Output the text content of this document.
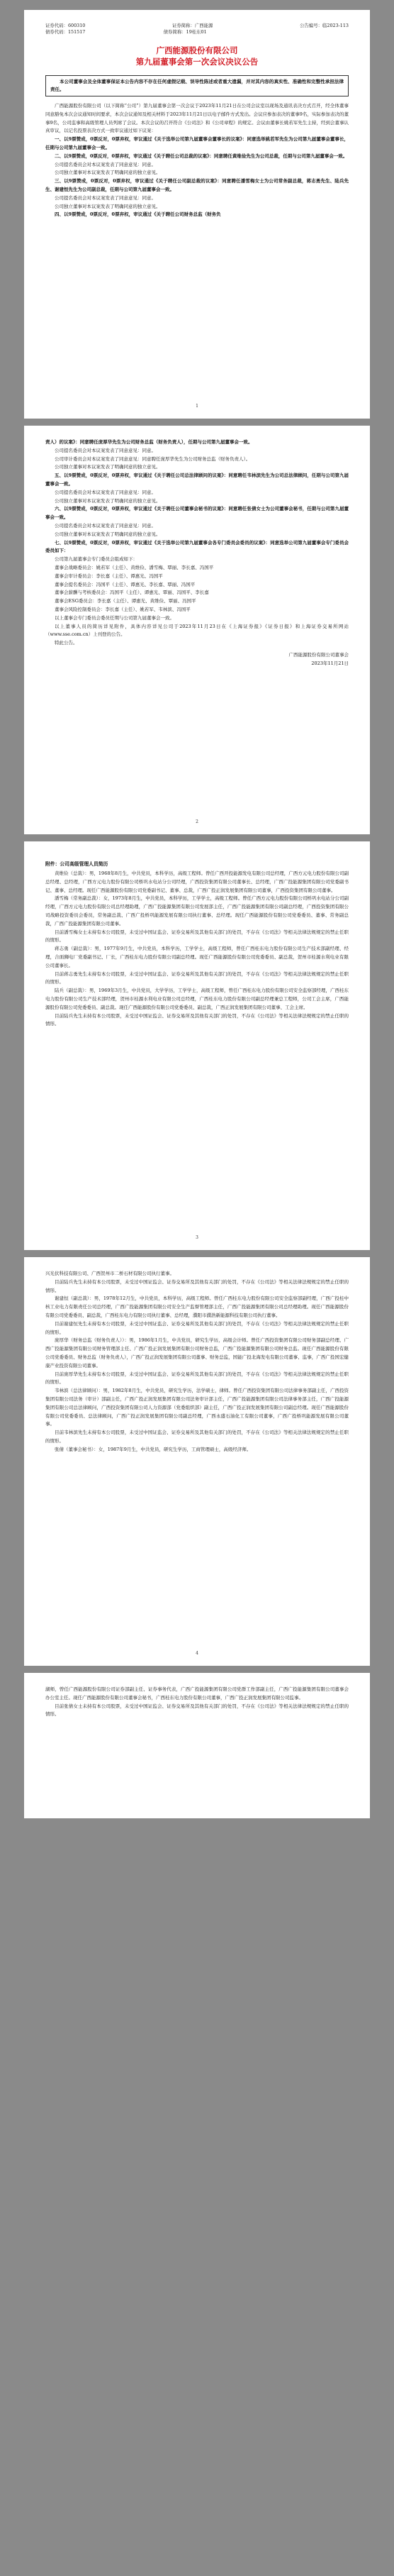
证券代码：600310	证券简称：广西能源	公告编号：临2023-113
债券代码：151517	债券简称：19桂东01
广西能源股份有限公司
第九届董事会第一次会议决议公告
本公司董事会及全体董事保证本公告内容不存在任何虚假记载、误导性陈述或者重大遗漏，并对其内容的真实性、准确性和完整性承担法律责任。

广西能源股份有限公司（以下简称“公司”）第九届董事会第一次会议于2023年11月21日在公司会议室以现场及通讯表决方式召开，经全体董事同意豁免本次会议通知时间要求，本次会议通知及相关材料于2023年11月21日以电子邮件方式发出。会议应参加表决的董事9名，实际参加表决的董事9名，公司监事和高级管理人员列席了会议。本次会议的召开符合《公司法》和《公司章程》的规定。会议由董事长姚若军先生主持，经到会董事认真审议，以记名投票表决方式一致审议通过如下议案：

一、以9票赞成，0票反对，0票弃权，审议通过《关于选举公司第九届董事会董事长的议案》：同意选举姚若军先生为公司第九届董事会董事长，任期与公司第九届董事会一致。

二、以9票赞成，0票反对，0票弃权，审议通过《关于聘任公司总裁的议案》：同意聘任黄维俭先生为公司总裁，任期与公司第九届董事会一致。

公司提名委员会对本议案发表了同意意见：同意。

公司独立董事对本议案发表了明确同意的独立意见。

三、以9票赞成，0票反对，0票弃权，审议通过《关于聘任公司副总裁的议案》：同意聘任潘雪梅女士为公司常务副总裁，蒋志勇先生、陆兵先生、谢建恒先生为公司副总裁，任期与公司第九届董事会一致。

公司提名委员会对本议案发表了同意意见：同意。

公司独立董事对本议案发表了明确同意的独立意见。

四、以9票赞成，0票反对，0票弃权，审议通过《关于聘任公司财务总监（财务负

1

责人）的议案》：同意聘任庞厚华先生为公司财务总监（财务负责人），任期与公司第九届董事会一致。

公司提名委员会对本议案发表了同意意见：同意。

公司审计委员会对本议案发表了同意意见：同意聘任庞厚华先生为公司财务总监（财务负责人）。

公司独立董事对本议案发表了明确同意的独立意见。

五、以9票赞成，0票反对，0票弃权，审议通过《关于聘任公司总法律顾问的议案》：同意聘任韦林滨先生为公司总法律顾问，任期与公司第九届董事会一致。

公司提名委员会对本议案发表了同意意见：同意。

公司独立董事对本议案发表了明确同意的独立意见。

六、以9票赞成，0票反对，0票弃权，审议通过《关于聘任公司董事会秘书的议案》：同意聘任张倩女士为公司董事会秘书，任期与公司第九届董事会一致。

公司提名委员会对本议案发表了同意意见：同意。

公司独立董事对本议案发表了明确同意的独立意见。

七、以9票赞成，0票反对，0票弃权，审议通过《关于选举公司第九届董事会各专门委员会委员的议案》：同意选举公司第九届董事会专门委员会委员如下：

公司第九届董事会专门委员会组成如下：

董事会战略委员会：姚若军（主任）、黄维俭、潘雪梅、覃丽、李长嘉、冯国平

董事会审计委员会：李长嘉（主任）、谭惠光、冯国平

董事会提名委员会：冯国平（主任）、谭惠光、李长嘉、覃丽、冯国平

董事会薪酬与考核委员会：冯国平（主任）、谭惠光、覃丽、冯国平、李长嘉

董事会ESG委员会：李长嘉（主任）、谭惠光、黄维俭、覃丽、冯国平

董事会风险控制委员会：李长嘉（主任）、姚若军、韦林滨、冯国平

以上董事会专门委员会委员任期与公司第九届董事会一致。

以上董事人员的简历详见附件，具体内容详见公司于2023年11月23日在《上海证券报》《证券日报》和上海证券交易所网站（www.sse.com.cn）上刊登的公告。

特此公告。

广西能源股份有限公司董事会
2023年11月21日
2
附件：公司高级管理人员简历

黄维俭（总裁）：男，1968年8月生，中共党员，本科学历，高级工程师。曾任广西开投能源发电有限公司总经理，广西方元电力股份有限公司副总经理、总经理，广西方元电力股份有限公司桥巩水电站分公司经理，广西投资集团有限公司董事长、总经理，广西广投能源集团有限公司党委副书记、董事、总经理。现任广西能源股份有限公司党委副书记、董事、总裁，广西广投正润发展集团有限公司董事，广西投资集团有限公司董事。

潘雪梅（常务副总裁）：女，1973年8月生，中共党员，本科学历，工学学士，高级工程师。曾任广西方元电力股份有限公司桥巩水电站分公司副经理，广西方元电力股份有限公司总经理助理，广西广投能源集团有限公司发展部主任，广西广投能源集团有限公司副总经理，广西投资集团有限公司战略投资委员会委员，常务副总裁、广西广投桥巩能源发展有限公司执行董事、总经理。现任广西能源股份有限公司党委委员、董事、常务副总裁，广西广投能源集团有限公司董事。

目前潘雪梅女士未持有本公司股票，未受过中国证监会、证券交易所及其他有关部门的处罚，不存在《公司法》等相关法律法规规定的禁止任职的情形。

蒋志勇（副总裁）：男，1977年9月生，中共党员，本科学历，工学学士，高级工程师，曾任广西桂东电力股份有限公司生产技术部副经理、经理，合面狮电厂党委副书记、厂长，广西桂东电力股份有限公司副总经理。现任广西能源股份有限公司党委委员、副总裁，贺州市桂源水利电业有限公司董事长。

目前蒋志勇先生未持有本公司股票，未受过中国证监会、证券交易所及其他有关部门的处罚，不存在《公司法》等相关法律法规规定的禁止任职的情形。

陆兵（副总裁）：男，1969年3月生，中共党员，大学学历，工学学士，高级工程师，曾任广西桂东电力股份有限公司安全监察部经理，广西桂东电力股份有限公司生产技术部经理，贺州市桂源水利电业有限公司总经理，广西桂东电力股份有限公司副总经理兼总工程师，公司工会主席，广西能源股份有限公司党委委员、副总裁。现任广西能源股份有限公司党委委员、副总裁，广西正润发展集团有限公司董事、工会主席。

目前陆兵先生未持有本公司股票，未受过中国证监会、证券交易所及其他有关部门的处罚，不存在《公司法》等相关法律法规规定的禁止任职的情形。

3

兴光伏科技有限公司、广西贺州市二桥石材有限公司执行董事。

目前陆兵先生未持有本公司股票，未受过中国证监会、证券交易所及其他有关部门的处罚，不存在《公司法》等相关法律法规规定的禁止任职的情形。

谢建恒（副总裁）：男，1978年12月生，中共党员，本科学历，高级工程师。曾任广西桂东电力股份有限公司安全监察部副经理，广西广投桂中核工业电力有限责任公司总经理，广西广投能源集团有限公司安全生产监督管理部主任，广西广投能源集团有限公司总经理助理。现任广西能源股份有限公司党委委员、副总裁，广西桂东电力有限公司执行董事、总经理，濮阳市濮浩新能源科技有限公司执行董事。

目前谢建恒先生未持有本公司股票，未受过中国证监会、证券交易所及其他有关部门的处罚，不存在《公司法》等相关法律法规规定的禁止任职的情形。

庞厚华（财务总监（财务负责人））：男，1986年1月生，中共党员，研究生学历，高级会计师。曾任广西投资集团有限公司财务部副总经理、广西广投能源集团有限公司财务管理部主任、广西广投正润发展集团有限公司财务总监，广西广投能源集团有限公司财务总监。现任广西能源股份有限公司党委委员、财务总监（财务负责人），广西广投正润发展集团有限公司董事、财务总监，国能广投北海发电有限公司董事、监事，广西广投国宏健康产业投资有限公司董事。

目前庞厚华先生未持有本公司股票，未受过中国证监会、证券交易所及其他有关部门的处罚，不存在《公司法》等相关法律法规规定的禁止任职的情形。

韦林滨（总法律顾问）：男，1982年8月生，中共党员，研究生学历，法学硕士，律师。曾任广西投资集团有限公司法律事务部副主任，广西投资集团有限公司法务（审计）部副主任，广西广投正润发展集团有限公司法务审计部主任，广西广投能源集团有限公司法律事务部主任，广西广投能源集团有限公司总法律顾问，广西投资集团有限公司人力资源部（党委组织部）副主任，广西广投正润发展集团有限公司副总经理。现任广西能源股份有限公司党委委员、总法律顾问，广西广投正润发展集团有限公司副总经理，广西永盛石油化工有限公司董事，广西广投桥巩能源发展有限公司董事。

目前韦林滨先生未持有本公司股票，未受过中国证监会、证券交易所及其他有关部门的处罚，不存在《公司法》等相关法律法规规定的禁止任职的情形。

张倩（董事会秘书）：女，1987年9月生，中共党员，研究生学历，工商管理硕士，高级经济师。

4

湖师，曾任广西能源股份有限公司证券部副主任、证券事务代表，广西广投能源集团有限公司党群工作部副主任，广西广投能源集团有限公司董事会办公室主任。现任广西能源股份有限公司董事会秘书，广西桂东电力股份有限公司董事，广西广投正润发展集团有限公司监事。

目前张倩女士未持有本公司股票，未受过中国证监会、证券交易所及其他有关部门的处罚，不存在《公司法》等相关法律法规规定的禁止任职的情形。
